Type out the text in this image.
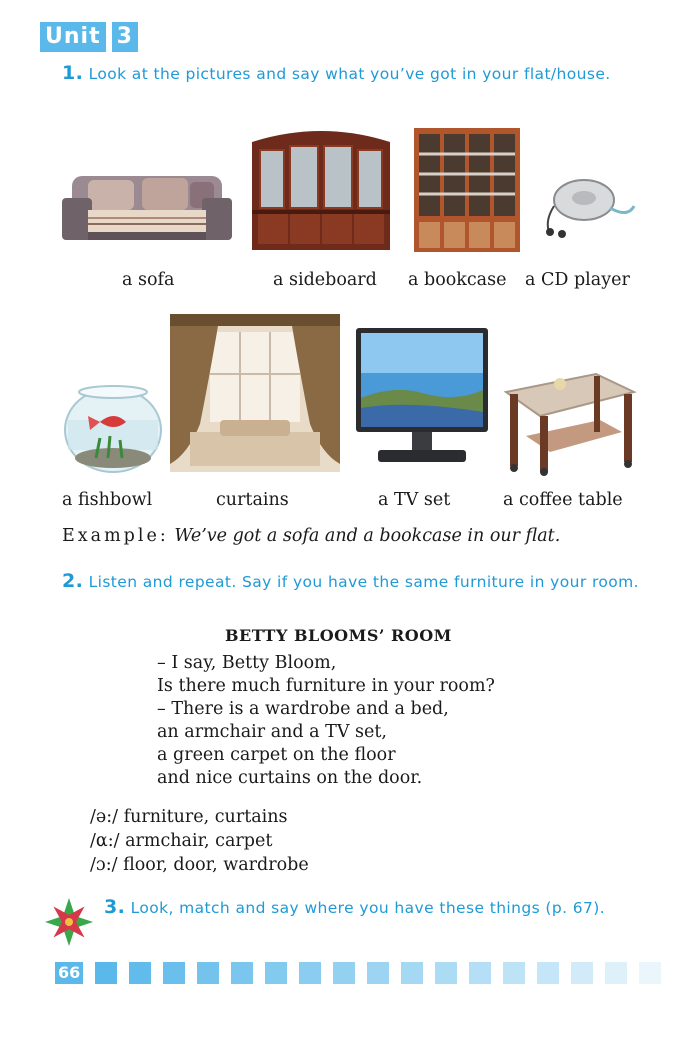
Unit 3
1. Look at the pictures and say what you’ve got in your flat/house.
a sofa	a sideboard a bookcase a CD player
a fishbowl	curtains	a TV set	a coffee table
Example: We’ve got a sofa and a bookcase in our flat.
2. Listen and repeat. Say if you have the same furniture in your room.
BETTY BLOOMS’ ROOM
– I say, Betty Bloom,
Is there much furniture in your room?
– There is a wardrobe and a bed,
an armchair and a TV set,
a green carpet on the floor
and nice curtains on the door.
/ə:/ furniture, curtains
/α:/ armchair, carpet
/ɔ:/ floor, door, wardrobe
3. Look, match and say where you have these things (p. 67).
66
